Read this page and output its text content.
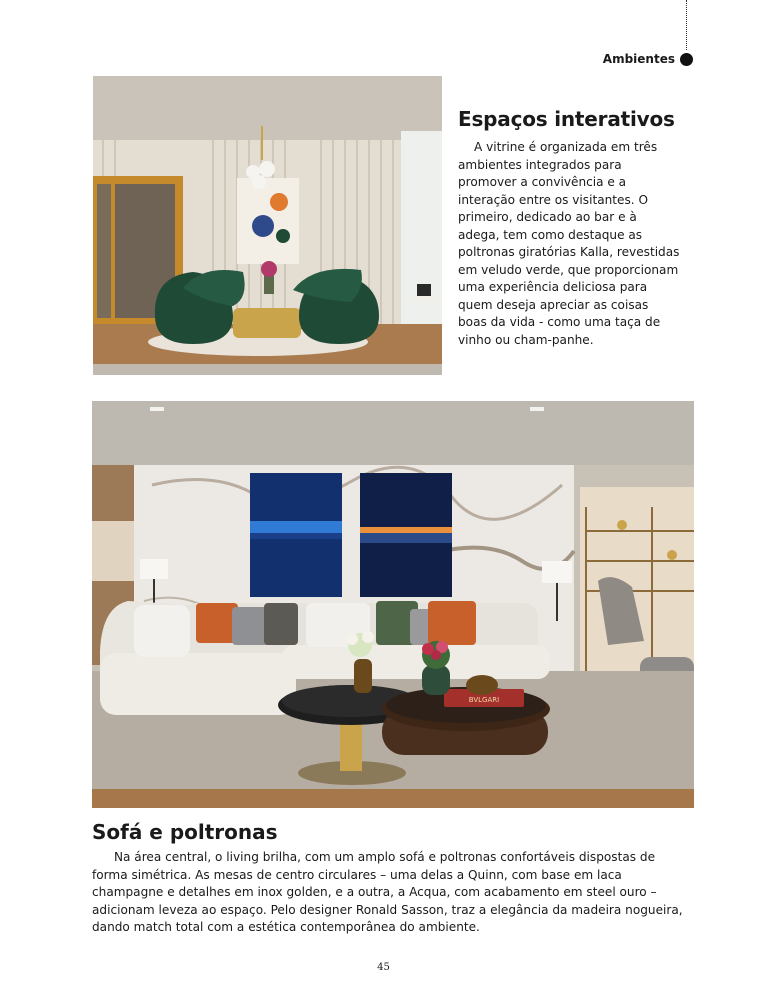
Ambientes
Espaços interativos

A vitrine é organizada em três ambientes integrados para promover a convivência e a interação entre os visitantes. O primeiro, dedicado ao bar e à adega, tem como destaque as poltronas giratórias Kalla, revestidas em veludo verde, que proporcionam uma experiência deliciosa para quem deseja apreciar as coisas boas da vida - como uma taça de vinho ou cham-panhe.

BVLGARI
Sofá e poltronas

Na área central, o living brilha, com um amplo sofá e poltronas confortáveis dispostas de forma simétrica. As mesas de centro circulares – uma delas a Quinn, com base em laca champagne e detalhes em inox golden, e a outra, a Acqua, com acabamento em steel ouro – adicionam leveza ao espaço. Pelo designer Ronald Sasson, traz a elegância da madeira nogueira, dando match total com a estética contemporânea do ambiente.

45
